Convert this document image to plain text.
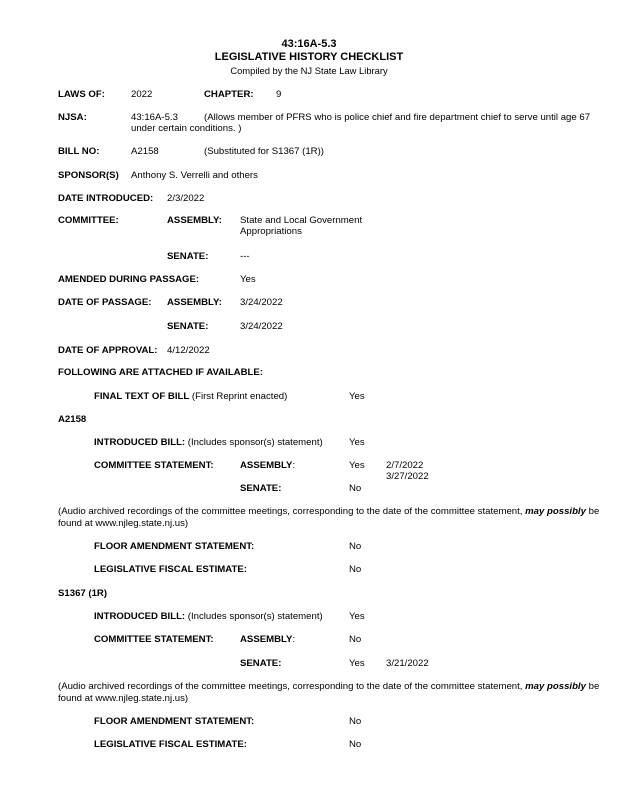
43:16A-5.3
LEGISLATIVE HISTORY CHECKLIST
Compiled by the NJ State Law Library
LAWS OF:	2022	CHAPTER: 9
NJSA:	43:16A-5.3	(Allows member of PFRS who is police chief and fire department chief to serve until age 67
under certain conditions. )
BILL NO:	A2158	(Substituted for S1367 (1R))
SPONSOR(S) Anthony S. Verrelli and others
DATE INTRODUCED: 2/3/2022
COMMITTEE:	ASSEMBLY: State and Local Government
Appropriations
SENATE:	---
AMENDED DURING PASSAGE:	Yes
DATE OF PASSAGE: ASSEMBLY: 3/24/2022
SENATE:	3/24/2022
DATE OF APPROVAL: 4/12/2022
FOLLOWING ARE ATTACHED IF AVAILABLE:
FINAL TEXT OF BILL (First Reprint enacted)	Yes
A2158
INTRODUCED BILL: (Includes sponsor(s) statement)	Yes
COMMITTEE STATEMENT:	ASSEMBLY:	Yes 2/7/2022
3/27/2022
SENATE:	No
(Audio archived recordings of the committee meetings, corresponding to the date of the committee statement, may possibly be found at www.njleg.state.nj.us)
FLOOR AMENDMENT STATEMENT:	No
LEGISLATIVE FISCAL ESTIMATE:	No
S1367 (1R)
INTRODUCED BILL: (Includes sponsor(s) statement)	Yes
COMMITTEE STATEMENT:	ASSEMBLY:	No
SENATE:	Yes 3/21/2022
(Audio archived recordings of the committee meetings, corresponding to the date of the committee statement, may possibly be found at www.njleg.state.nj.us)
FLOOR AMENDMENT STATEMENT:	No
LEGISLATIVE FISCAL ESTIMATE:	No
